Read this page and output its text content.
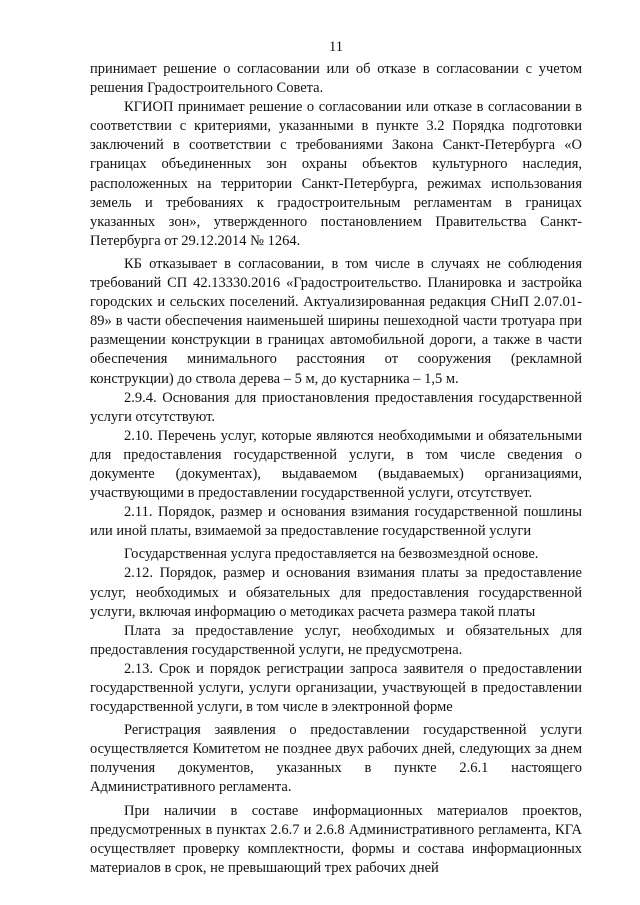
11

принимает решение о согласовании или об отказе в согласовании с учетом решения Градостроительного Совета.

КГИОП принимает решение о согласовании или отказе в согласовании в соответствии с критериями, указанными в пункте 3.2 Порядка подготовки заключений в соответствии с требованиями Закона Санкт-Петербурга «О границах объединенных зон охраны объектов культурного наследия, расположенных на территории Санкт-Петербурга, режимах использования земель и требованиях к градостроительным регламентам в границах указанных зон», утвержденного постановлением Правительства Санкт-Петербурга от 29.12.2014 № 1264.

КБ отказывает в согласовании, в том числе в случаях не соблюдения требований СП 42.13330.2016 «Градостроительство. Планировка и застройка городских и сельских поселений. Актуализированная редакция СНиП 2.07.01-89» в части обеспечения наименьшей ширины пешеходной части тротуара при размещении конструкции в границах автомобильной дороги, а также в части обеспечения минимального расстояния от сооружения (рекламной конструкции) до ствола дерева – 5 м, до кустарника – 1,5 м.

2.9.4. Основания для приостановления предоставления государственной услуги отсутствуют.

2.10. Перечень услуг, которые являются необходимыми и обязательными для предоставления государственной услуги, в том числе сведения о документе (документах), выдаваемом (выдаваемых) организациями, участвующими в предоставлении государственной услуги, отсутствует.

2.11. Порядок, размер и основания взимания государственной пошлины или иной платы, взимаемой за предоставление государственной услуги

Государственная услуга предоставляется на безвозмездной основе.

2.12. Порядок, размер и основания взимания платы за предоставление услуг, необходимых и обязательных для предоставления государственной услуги, включая информацию о методиках расчета размера такой платы

Плата за предоставление услуг, необходимых и обязательных для предоставления государственной услуги, не предусмотрена.

2.13. Срок и порядок регистрации запроса заявителя о предоставлении государственной услуги, услуги организации, участвующей в предоставлении государственной услуги, в том числе в электронной форме

Регистрация заявления о предоставлении государственной услуги осуществляется Комитетом не позднее двух рабочих дней, следующих за днем получения документов, указанных в пункте 2.6.1 настоящего Административного регламента.

При наличии в составе информационных материалов проектов, предусмотренных в пунктах 2.6.7 и 2.6.8 Административного регламента, КГА осуществляет проверку комплектности, формы и состава информационных материалов в срок, не превышающий трех рабочих дней
